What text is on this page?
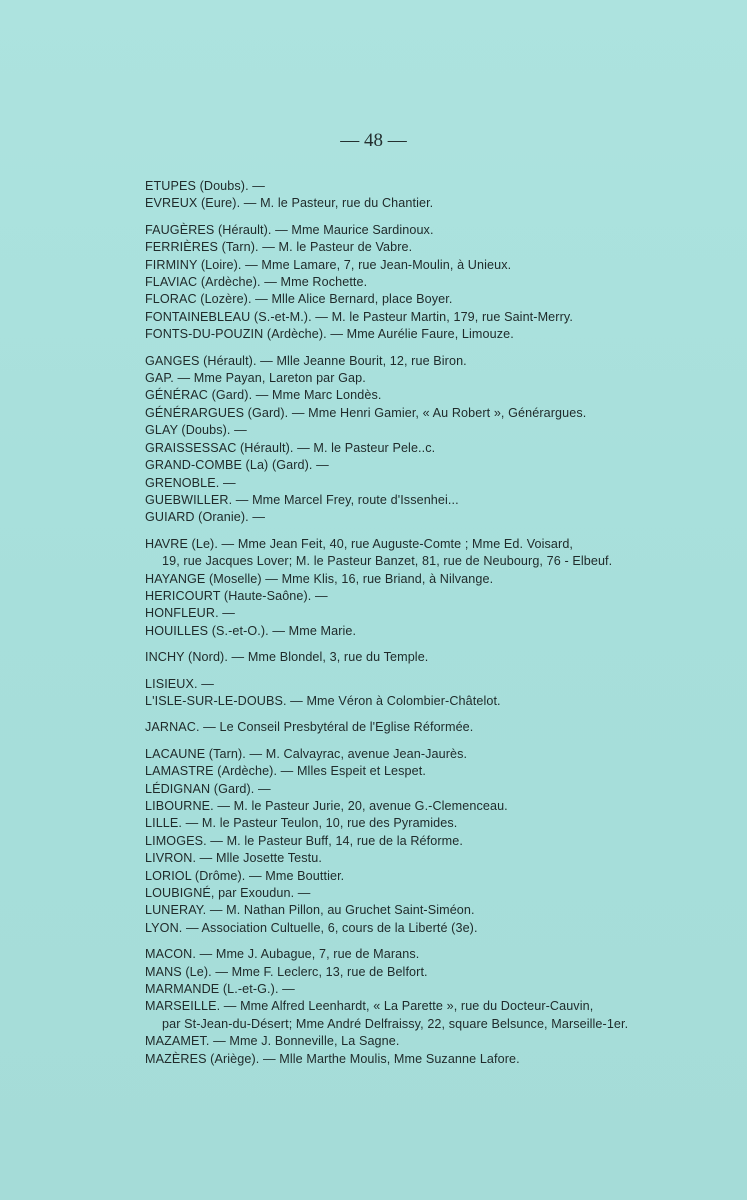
— 48 —
ETUPES (Doubs). —
EVREUX (Eure). — M. le Pasteur, rue du Chantier.
FAUGÈRES (Hérault). — Mme Maurice Sardinoux.
FERRIÈRES (Tarn). — M. le Pasteur de Vabre.
FIRMINY (Loire). — Mme Lamare, 7, rue Jean-Moulin, à Unieux.
FLAVIAC (Ardèche). — Mme Rochette.
FLORAC (Lozère). — Mlle Alice Bernard, place Boyer.
FONTAINEBLEAU (S.-et-M.). — M. le Pasteur Martin, 179, rue Saint-Merry.
FONTS-DU-POUZIN (Ardèche). — Mme Aurélie Faure, Limouze.
GANGES (Hérault). — Mlle Jeanne Bourit, 12, rue Biron.
GAP. — Mme Payan, Lareton par Gap.
GÉNÉRAC (Gard). — Mme Marc Londès.
GÉNÉRARGUES (Gard). — Mme Henri Gamier, « Au Robert », Générargues.
GLAY (Doubs). —
GRAISSESSAC (Hérault). — M. le Pasteur Pele..c.
GRAND-COMBE (La) (Gard). —
GRENOBLE. —
GUEBWILLER. — Mme Marcel Frey, route d'Issenhei...
GUIARD (Oranie). —
HAVRE (Le). — Mme Jean Feit, 40, rue Auguste-Comte ; Mme Ed. Voisard,
19, rue Jacques Lover; M. le Pasteur Banzet, 81, rue de Neubourg, 76 - Elbeuf.
HAYANGE (Moselle) — Mme Klis, 16, rue Briand, à Nilvange.
HERICOURT (Haute-Saône). —
HONFLEUR. —
HOUILLES (S.-et-O.). — Mme Marie.
INCHY (Nord). — Mme Blondel, 3, rue du Temple.
LISIEUX. —
L'ISLE-SUR-LE-DOUBS. — Mme Véron à Colombier-Châtelot.
JARNAC. — Le Conseil Presbytéral de l'Eglise Réformée.
LACAUNE (Tarn). — M. Calvayrac, avenue Jean-Jaurès.
LAMASTRE (Ardèche). — Mlles Espeit et Lespet.
LÉDIGNAN (Gard). —
LIBOURNE. — M. le Pasteur Jurie, 20, avenue G.-Clemenceau.
LILLE. — M. le Pasteur Teulon, 10, rue des Pyramides.
LIMOGES. — M. le Pasteur Buff, 14, rue de la Réforme.
LIVRON. — Mlle Josette Testu.
LORIOL (Drôme). — Mme Bouttier.
LOUBIGNÉ, par Exoudun. —
LUNERAY. — M. Nathan Pillon, au Gruchet Saint-Siméon.
LYON. — Association Cultuelle, 6, cours de la Liberté (3e).
MACON. — Mme J. Aubague, 7, rue de Marans.
MANS (Le). — Mme F. Leclerc, 13, rue de Belfort.
MARMANDE (L.-et-G.). —
MARSEILLE. — Mme Alfred Leenhardt, « La Parette », rue du Docteur-Cauvin,
par St-Jean-du-Désert; Mme André Delfraissy, 22, square Belsunce, Marseille-1er.
MAZAMET. — Mme J. Bonneville, La Sagne.
MAZÈRES (Ariège). — Mlle Marthe Moulis, Mme Suzanne Lafore.
